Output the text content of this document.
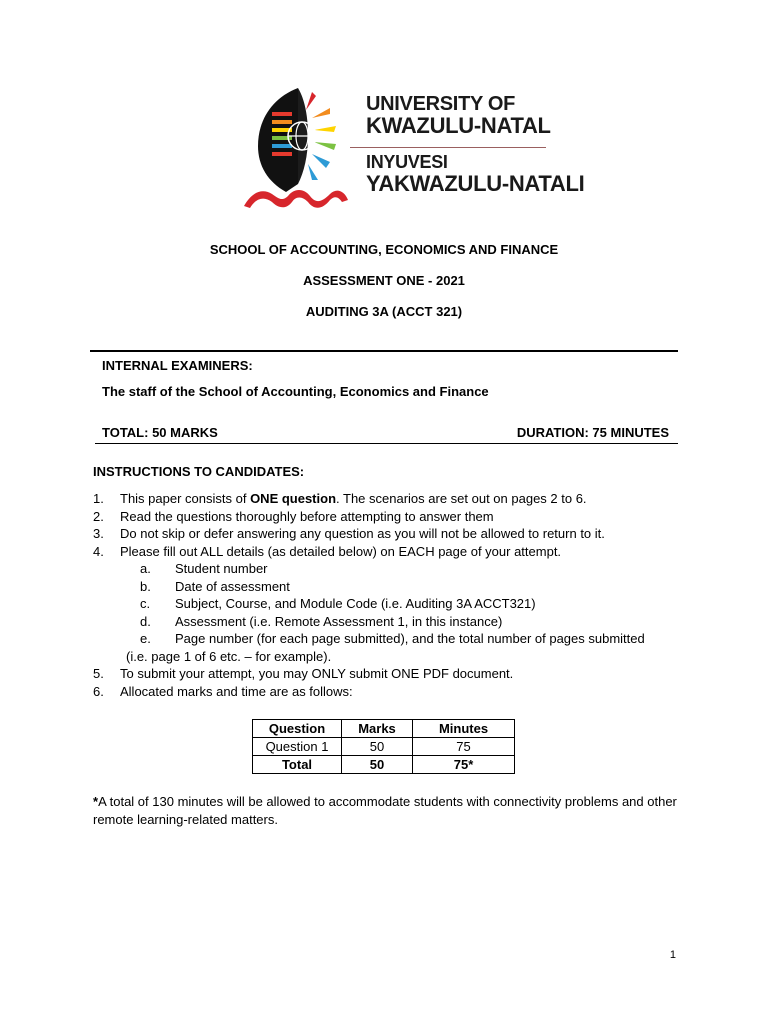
UNIVERSITY OF
KWAZULU-NATAL
INYUVESI
YAKWAZULU-NATALI
SCHOOL OF ACCOUNTING, ECONOMICS AND FINANCE
ASSESSMENT ONE - 2021
AUDITING 3A (ACCT 321)
INTERNAL EXAMINERS:
The staff of the School of Accounting, Economics and Finance
TOTAL: 50 MARKS	DURATION: 75 MINUTES
INSTRUCTIONS TO CANDIDATES:
1. This paper consists of ONE question. The scenarios are set out on pages 2 to 6.
2. Read the questions thoroughly before attempting to answer them
3. Do not skip or defer answering any question as you will not be allowed to return to it.
4. Please fill out ALL details (as detailed below) on EACH page of your attempt.
a. Student number
b. Date of assessment
c. Subject, Course, and Module Code (i.e. Auditing 3A ACCT321)
d. Assessment (i.e. Remote Assessment 1, in this instance)
e. Page number (for each page submitted), and the total number of pages submitted
(i.e. page 1 of 6 etc. – for example).
5. To submit your attempt, you may ONLY submit ONE PDF document.
6. Allocated marks and time are as follows:
Question	Marks	Minutes
Question 1	50	75
Total	50	75*
*A total of 130 minutes will be allowed to accommodate students with connectivity problems and other remote learning-related matters.
1
